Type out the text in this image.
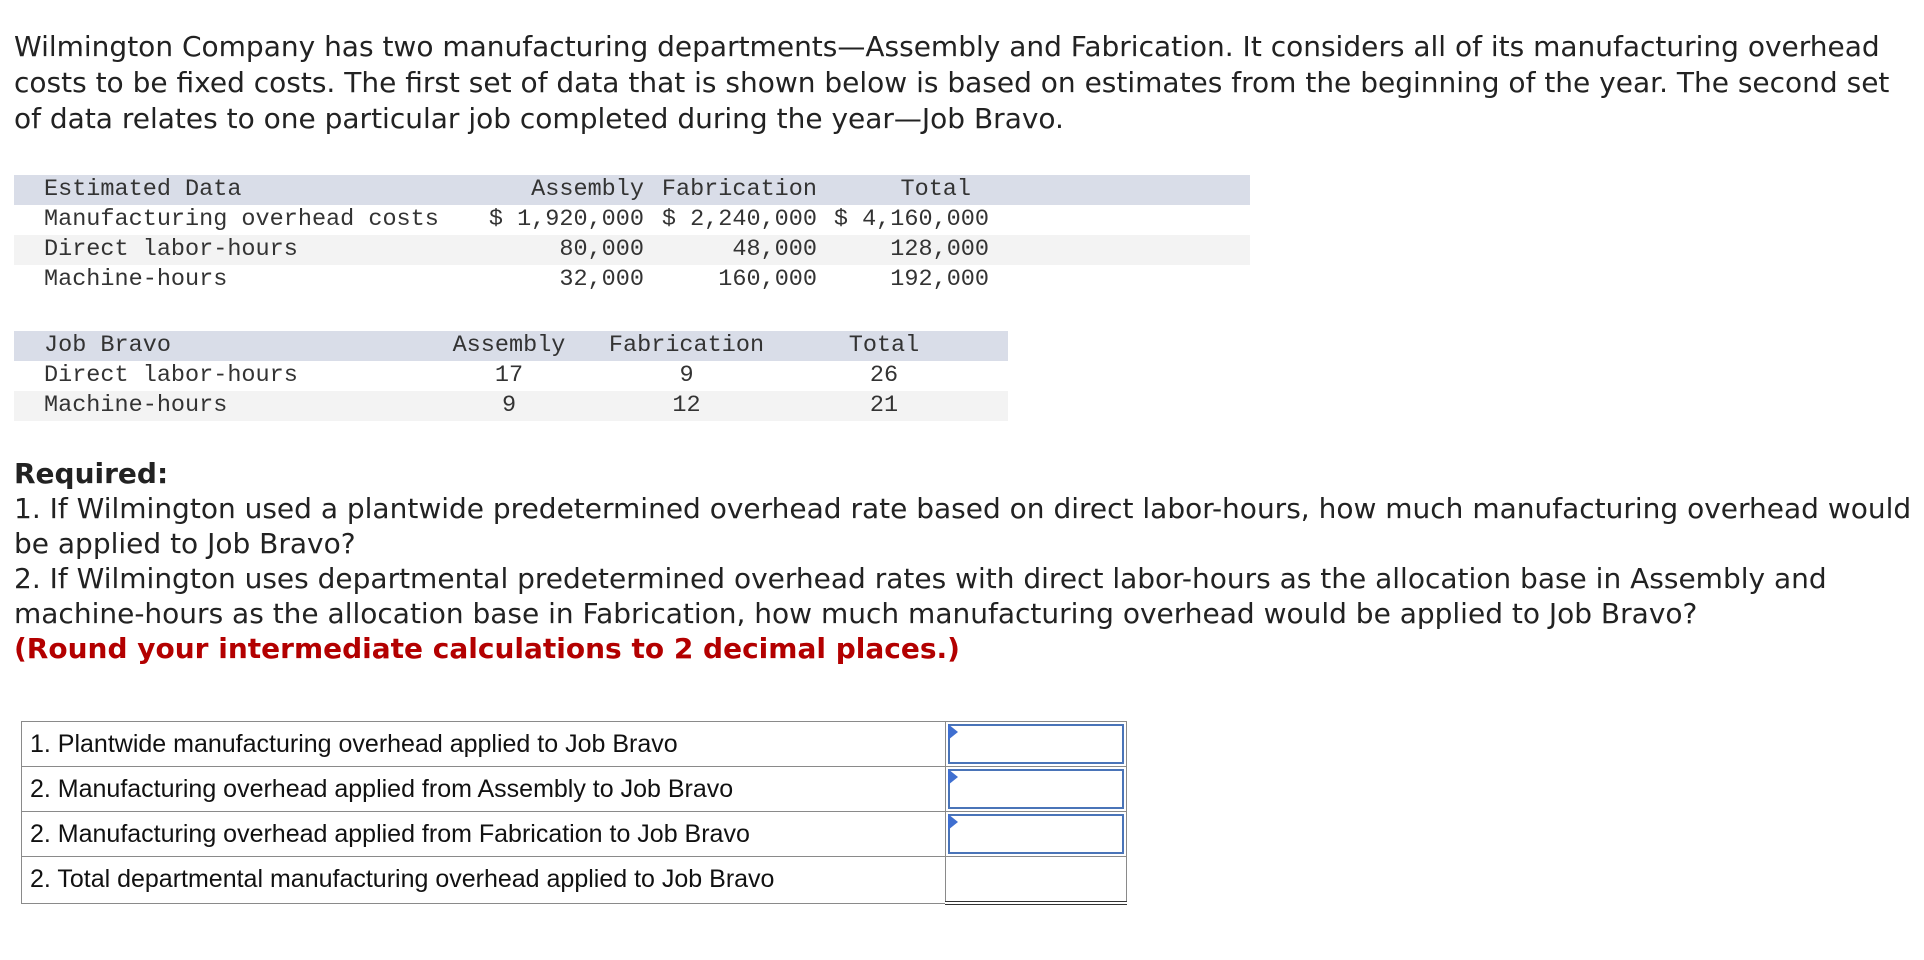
Wilmington Company has two manufacturing departments—Assembly and Fabrication. It considers all of its manufacturing overhead costs to be fixed costs. The first set of data that is shown below is based on estimates from the beginning of the year. The second set of data relates to one particular job completed during the year—Job Bravo.

Estimated Data	Assembly	Fabrication	Total	
Manufacturing overhead costs	$ 1,920,000	$ 2,240,000	$ 4,160,000	
Direct labor-hours	80,000	48,000	128,000	
Machine-hours	32,000	160,000	192,000	
Job Bravo	Assembly	Fabrication	Total	
Direct labor-hours	17	9	26	
Machine-hours	9	12	21	
Required:
1. If Wilmington used a plantwide predetermined overhead rate based on direct labor-hours, how much manufacturing overhead would be applied to Job Bravo?
2. If Wilmington uses departmental predetermined overhead rates with direct labor-hours as the allocation base in Assembly and machine-hours as the allocation base in Fabrication, how much manufacturing overhead would be applied to Job Bravo?
(Round your intermediate calculations to 2 decimal places.)
1. Plantwide manufacturing overhead applied to Job Bravo	

2. Manufacturing overhead applied from Assembly to Job Bravo	

2. Manufacturing overhead applied from Fabrication to Job Bravo	

2. Total departmental manufacturing overhead applied to Job Bravo	
